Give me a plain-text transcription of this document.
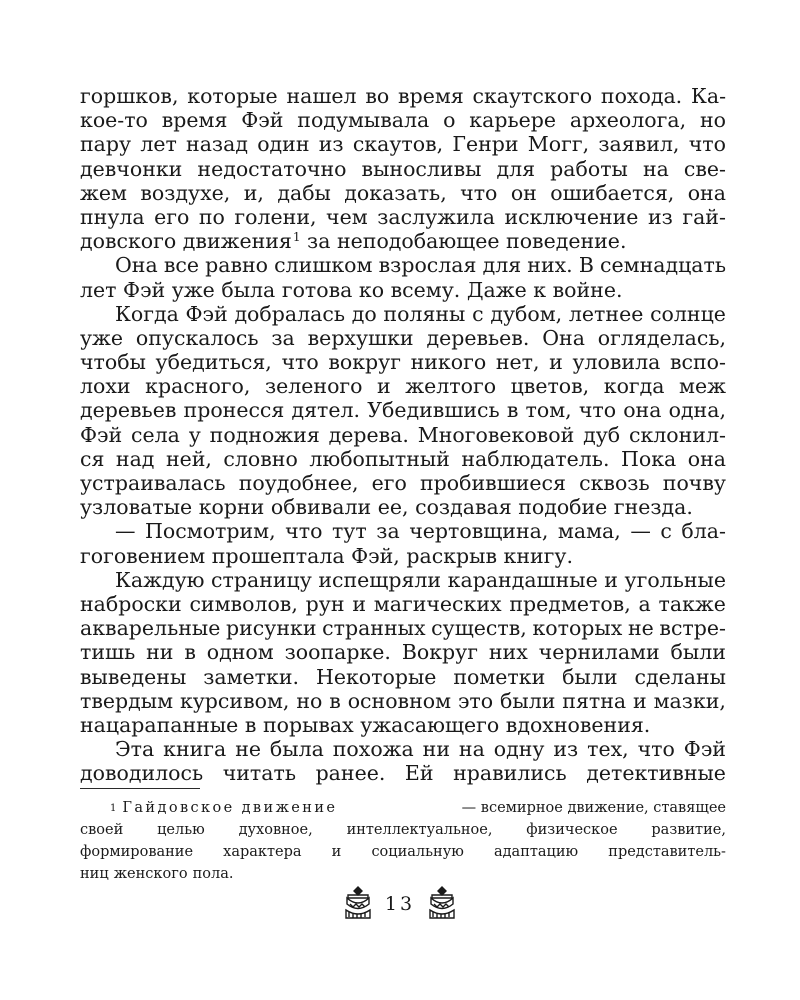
горшков, которые нашел во время скаутского похода. Ка-
кое-то время Фэй подумывала о карьере археолога, но
пару лет назад один из скаутов, Генри Могг, заявил, что
девчонки недостаточно выносливы для работы на све-
жем воздухе, и, дабы доказать, что он ошибается, она
пнула его по голени, чем заслужила исключение из гай-
довского движения$^1$ за неподобающее поведение.
Она все равно слишком взрослая для них. В семнадцать
лет Фэй уже была готова ко всему. Даже к войне.
Когда Фэй добралась до поляны с дубом, летнее солнце
уже опускалось за верхушки деревьев. Она огляделась,
чтобы убедиться, что вокруг никого нет, и уловила вспо-
лохи красного, зеленого и желтого цветов, когда меж
деревьев пронесся дятел. Убедившись в том, что она одна,
Фэй села у подножия дерева. Многовековой дуб склонил-
ся над ней, словно любопытный наблюдатель. Пока она
устраивалась поудобнее, его пробившиеся сквозь почву
узловатые корни обвивали ее, создавая подобие гнезда.
— Посмотрим, что тут за чертовщина, мама, — с бла-
гоговением прошептала Фэй, раскрыв книгу.
Каждую страницу испещряли карандашные и угольные
наброски символов, рун и магических предметов, а также
акварельные рисунки странных существ, которых не встре-
тишь ни в одном зоопарке. Вокруг них чернилами были
выведены заметки. Некоторые пометки были сделаны
твердым курсивом, но в основном это были пятна и мазки,
нацарапанные в порывах ужасающего вдохновения.
Эта книга не была похожа ни на одну из тех, что Фэй
доводилось читать ранее. Ей нравились детективные
$^1$ Гайдовское движение	— всемирное движение, ставящее
своей целью духовное, интеллектуальное, физическое развитие,
формирование характера и социальную адаптацию представитель-
ниц женского пола.
13
